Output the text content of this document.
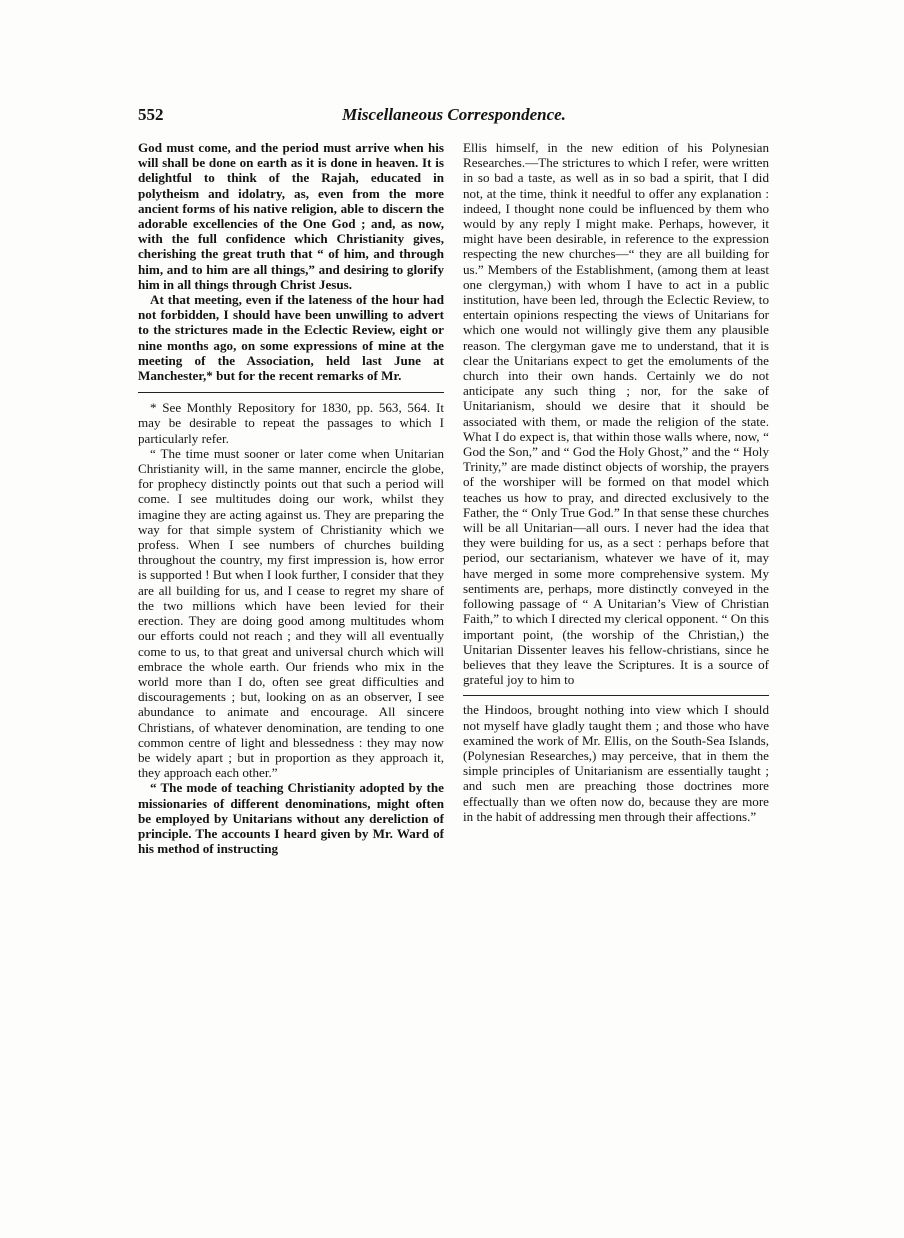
552	Miscellaneous Correspondence.

God must come, and the period must arrive when his will shall be done on earth as it is done in heaven. It is delightful to think of the Rajah, educated in polytheism and idolatry, as, even from the more ancient forms of his native religion, able to discern the adorable excellencies of the One God ; and, as now, with the full confidence which Christianity gives, cherishing the great truth that “ of him, and through him, and to him are all things,” and desiring to glorify him in all things through Christ Jesus.

At that meeting, even if the lateness of the hour had not forbidden, I should have been unwilling to advert to the strictures made in the Eclectic Review, eight or nine months ago, on some expressions of mine at the meeting of the Association, held last June at Manchester,* but for the recent remarks of Mr.

* See Monthly Repository for 1830, pp. 563, 564. It may be desirable to repeat the passages to which I particularly refer.

“ The time must sooner or later come when Unitarian Christianity will, in the same manner, encircle the globe, for prophecy distinctly points out that such a period will come. I see multitudes doing our work, whilst they imagine they are acting against us. They are preparing the way for that simple system of Christianity which we profess. When I see numbers of churches building throughout the country, my first impression is, how error is supported ! But when I look further, I consider that they are all building for us, and I cease to regret my share of the two millions which have been levied for their erection. They are doing good among multitudes whom our efforts could not reach ; and they will all eventually come to us, to that great and universal church which will embrace the whole earth. Our friends who mix in the world more than I do, often see great difficulties and discouragements ; but, looking on as an observer, I see abundance to animate and encourage. All sincere Christians, of whatever denomination, are tending to one common centre of light and blessedness : they may now be widely apart ; but in proportion as they approach it, they approach each other.”

“ The mode of teaching Christianity adopted by the missionaries of different denominations, might often be employed by Unitarians without any dereliction of principle. The accounts I heard given by Mr. Ward of his method of instructing

Ellis himself, in the new edition of his Polynesian Researches.—The strictures to which I refer, were written in so bad a taste, as well as in so bad a spirit, that I did not, at the time, think it needful to offer any explanation : indeed, I thought none could be influenced by them who would by any reply I might make. Perhaps, however, it might have been desirable, in reference to the expression respecting the new churches—“ they are all building for us.” Members of the Establishment, (among them at least one clergyman,) with whom I have to act in a public institution, have been led, through the Eclectic Review, to entertain opinions respecting the views of Unitarians for which one would not willingly give them any plausible reason. The clergyman gave me to understand, that it is clear the Unitarians expect to get the emoluments of the church into their own hands. Certainly we do not anticipate any such thing ; nor, for the sake of Unitarianism, should we desire that it should be associated with them, or made the religion of the state. What I do expect is, that within those walls where, now, “ God the Son,” and “ God the Holy Ghost,” and the “ Holy Trinity,” are made distinct objects of worship, the prayers of the worshiper will be formed on that model which teaches us how to pray, and directed exclusively to the Father, the “ Only True God.” In that sense these churches will be all Unitarian—all ours. I never had the idea that they were building for us, as a sect : perhaps before that period, our sectarianism, whatever we have of it, may have merged in some more comprehensive system. My sentiments are, perhaps, more distinctly conveyed in the following passage of “ A Unitarian’s View of Christian Faith,” to which I directed my clerical opponent. “ On this important point, (the worship of the Christian,) the Unitarian Dissenter leaves his fellow-christians, since he believes that they leave the Scriptures. It is a source of grateful joy to him to

the Hindoos, brought nothing into view which I should not myself have gladly taught them ; and those who have examined the work of Mr. Ellis, on the South-Sea Islands, (Polynesian Researches,) may perceive, that in them the simple principles of Unitarianism are essentially taught ; and such men are preaching those doctrines more effectually than we often now do, because they are more in the habit of addressing men through their affections.”
